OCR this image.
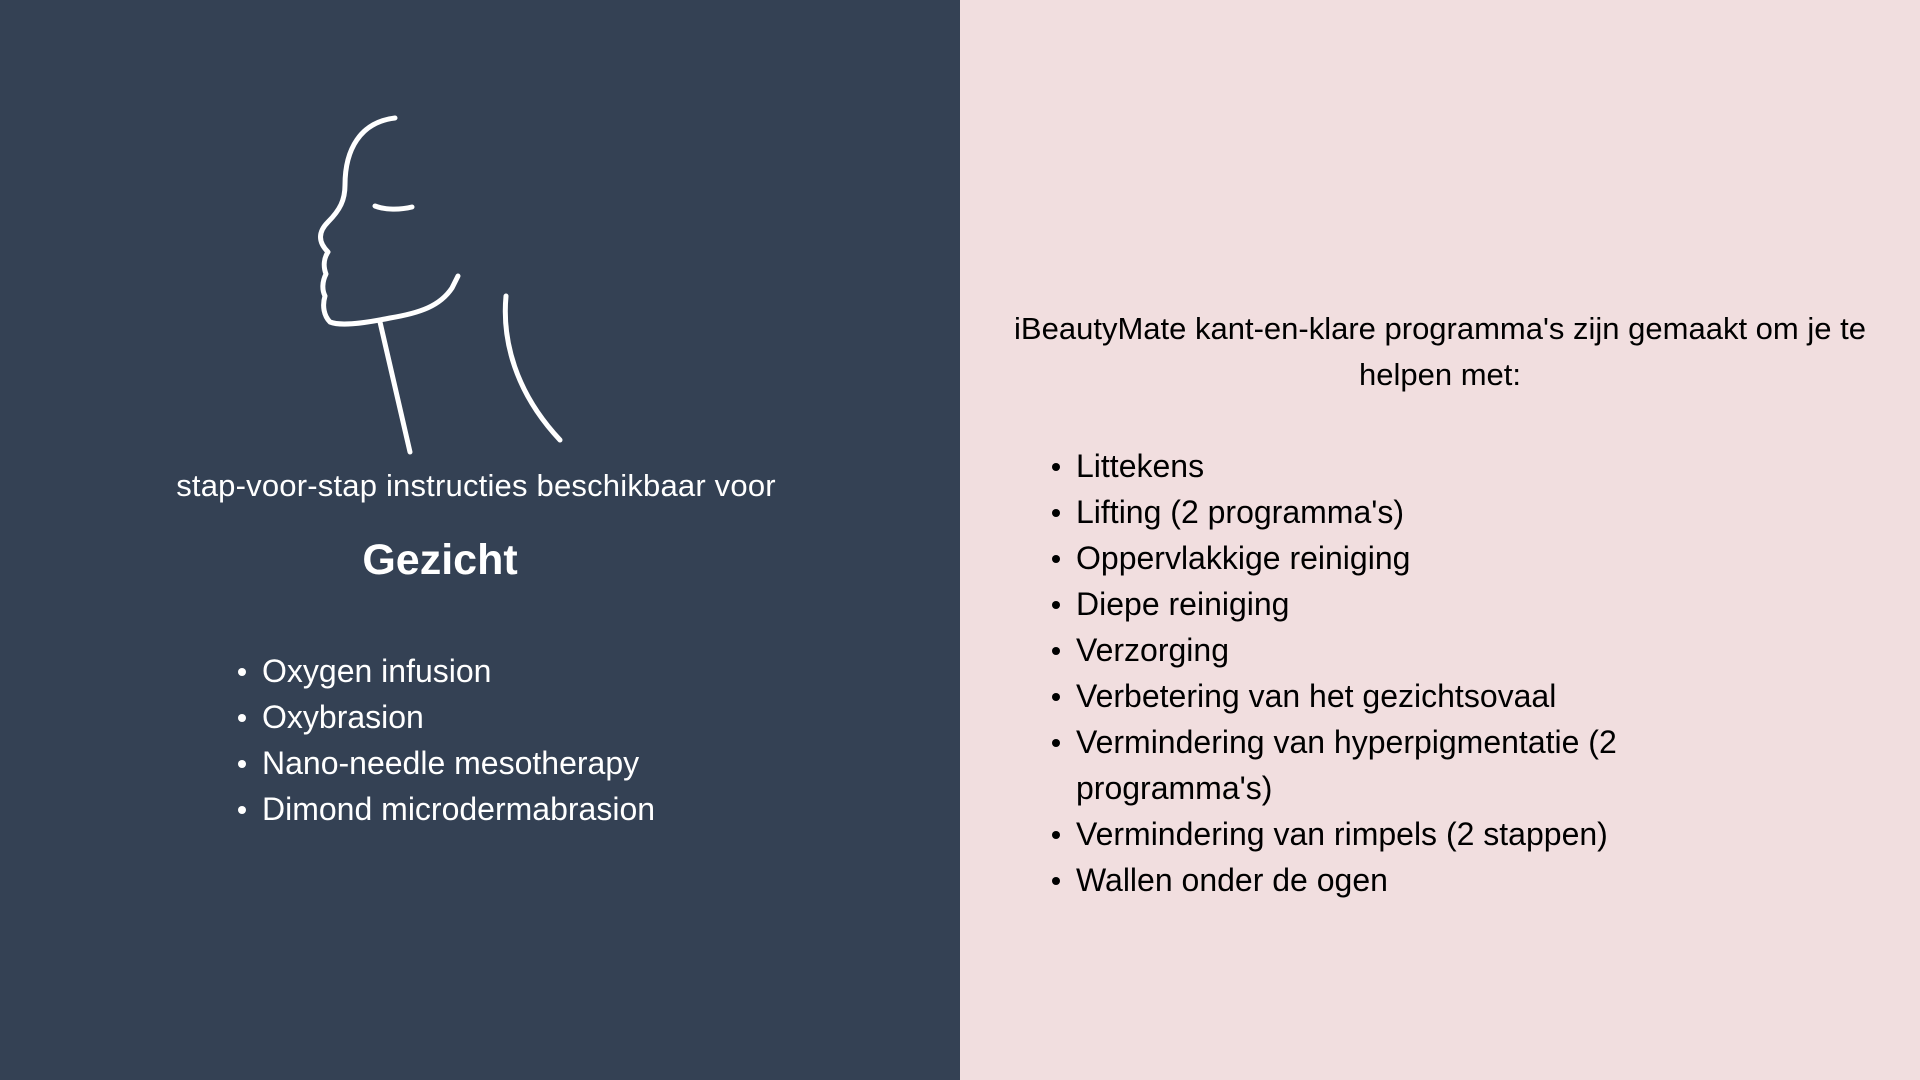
stap-voor-stap instructies beschikbaar voor
Gezicht
Oxygen infusion
Oxybrasion
Nano-needle mesotherapy
Dimond microdermabrasion

iBeautyMate kant-en-klare programma's zijn gemaakt om je te helpen met:

Littekens
Lifting (2 programma's)
Oppervlakkige reiniging
Diepe reiniging
Verzorging
Verbetering van het gezichtsovaal
Vermindering van hyperpigmentatie (2 programma's)
Vermindering van rimpels (2 stappen)
Wallen onder de ogen
